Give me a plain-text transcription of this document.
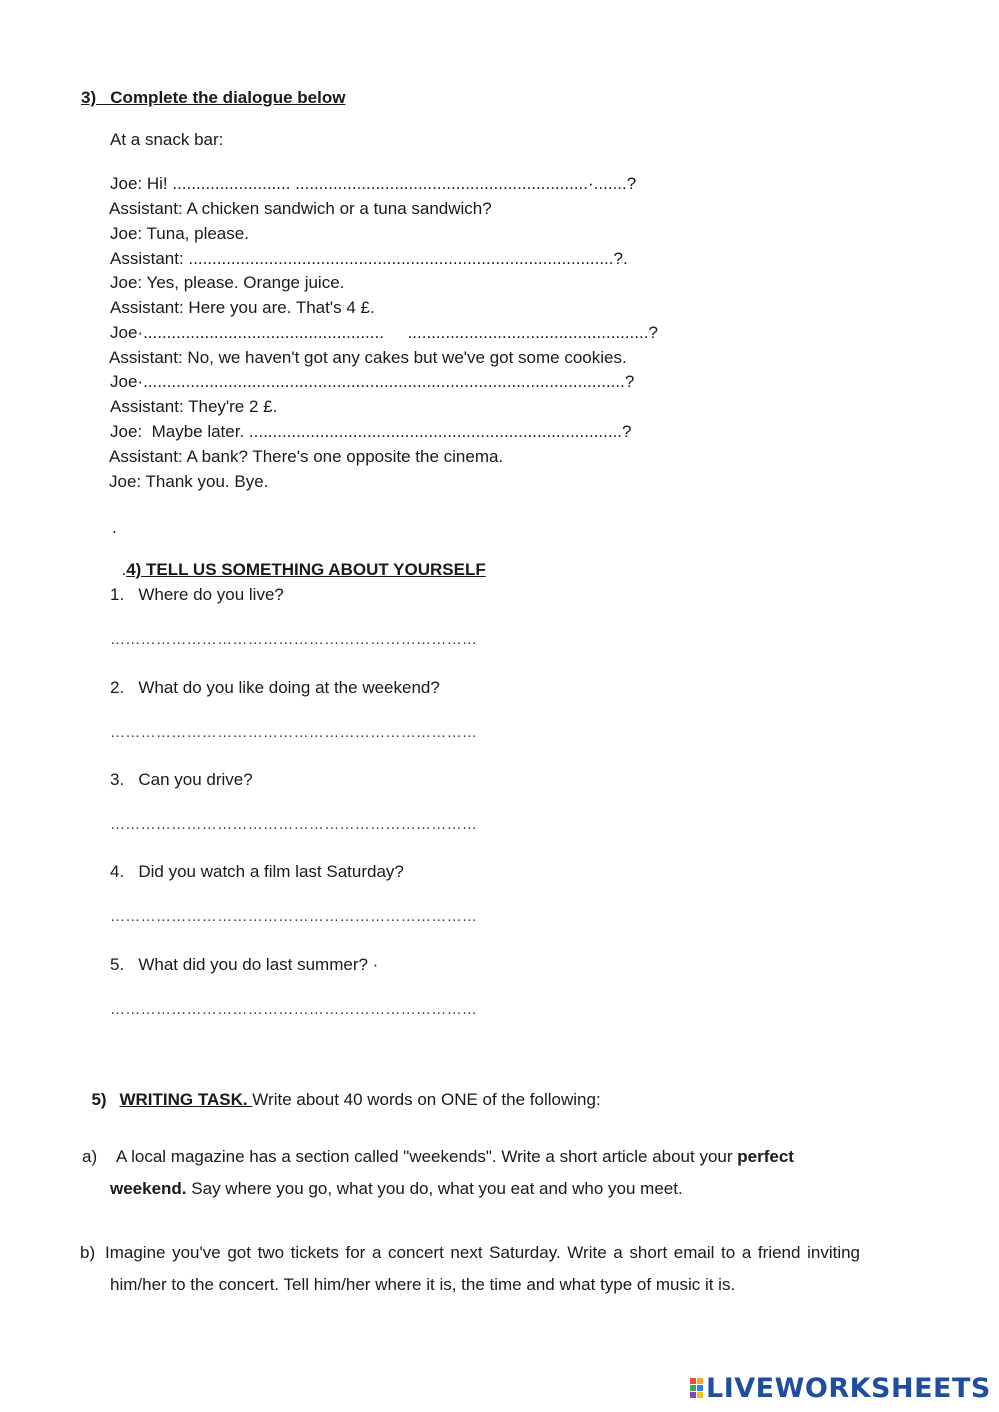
3)   Complete the dialogue below
At a snack bar:
Joe: Hi! ......................... ..............................................................·.......?
Assistant: A chicken sandwich or a tuna sandwich?
Joe: Tuna, please.
Assistant: ..........................................................................................?.
Joe: Yes, please. Orange juice.
Assistant: Here you are. That's 4 £.
Joe·...................................................     ...................................................?
Assistant: No, we haven't got any cakes but we've got some cookies.
Joe·......................................................................................................?
Assistant: They're 2 £.
Joe:  Maybe later. ...............................................................................?
Assistant: A bank? There's one opposite the cinema.
Joe: Thank you. Bye.
.

.4) TELL US SOMETHING ABOUT YOURSELF

1.   Where do you live?
………………………………………………………………
2.   What do you like doing at the weekend?
………………………………………………………………
3.   Can you drive?
………………………………………………………………
4.   Did you watch a film last Saturday?
………………………………………………………………
5.   What did you do last summer? ·
………………………………………………………………

5) WRITING TASK. Write about 40 words on ONE of the following:

a)	A local magazine has a section called "weekends". Write a short article about your perfect weekend. Say where you go, what you do, what you eat and who you meet.
b) Imagine you've got two tickets for a concert next Saturday. Write a short email to a friend inviting him/her to the concert. Tell him/her where it is, the time and what type of music it is.
LIVEWORKSHEETS
